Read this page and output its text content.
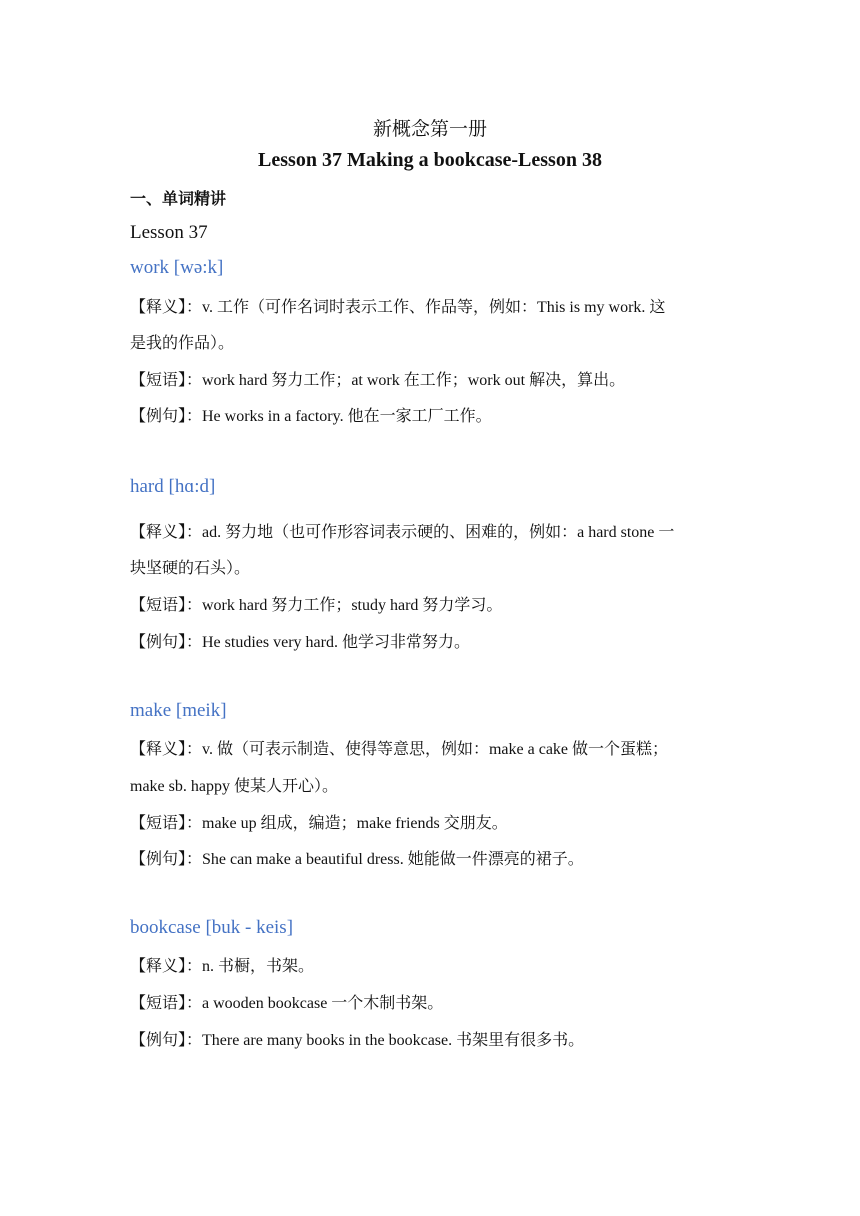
新概念第一册
Lesson 37 Making a bookcase-Lesson 38
一、单词精讲
Lesson 37
work [wə:k]
【释义】：v. 工作（可作名词时表示工作、作品等，例如：This is my work. 这
是我的作品）。
【短语】：work hard 努力工作；at work 在工作；work out 解决，算出。
【例句】：He works in a factory. 他在一家工厂工作。
hard [hɑ:d]
【释义】：ad. 努力地（也可作形容词表示硬的、困难的，例如：a hard stone 一
块坚硬的石头）。
【短语】：work hard 努力工作；study hard 努力学习。
【例句】：He studies very hard. 他学习非常努力。
make [meik]
【释义】：v. 做（可表示制造、使得等意思，例如：make a cake 做一个蛋糕；
make sb. happy 使某人开心）。
【短语】：make up 组成，编造；make friends 交朋友。
【例句】：She can make a beautiful dress. 她能做一件漂亮的裙子。
bookcase [buk - keis]
【释义】：n. 书橱，书架。
【短语】：a wooden bookcase 一个木制书架。
【例句】：There are many books in the bookcase. 书架里有很多书。
